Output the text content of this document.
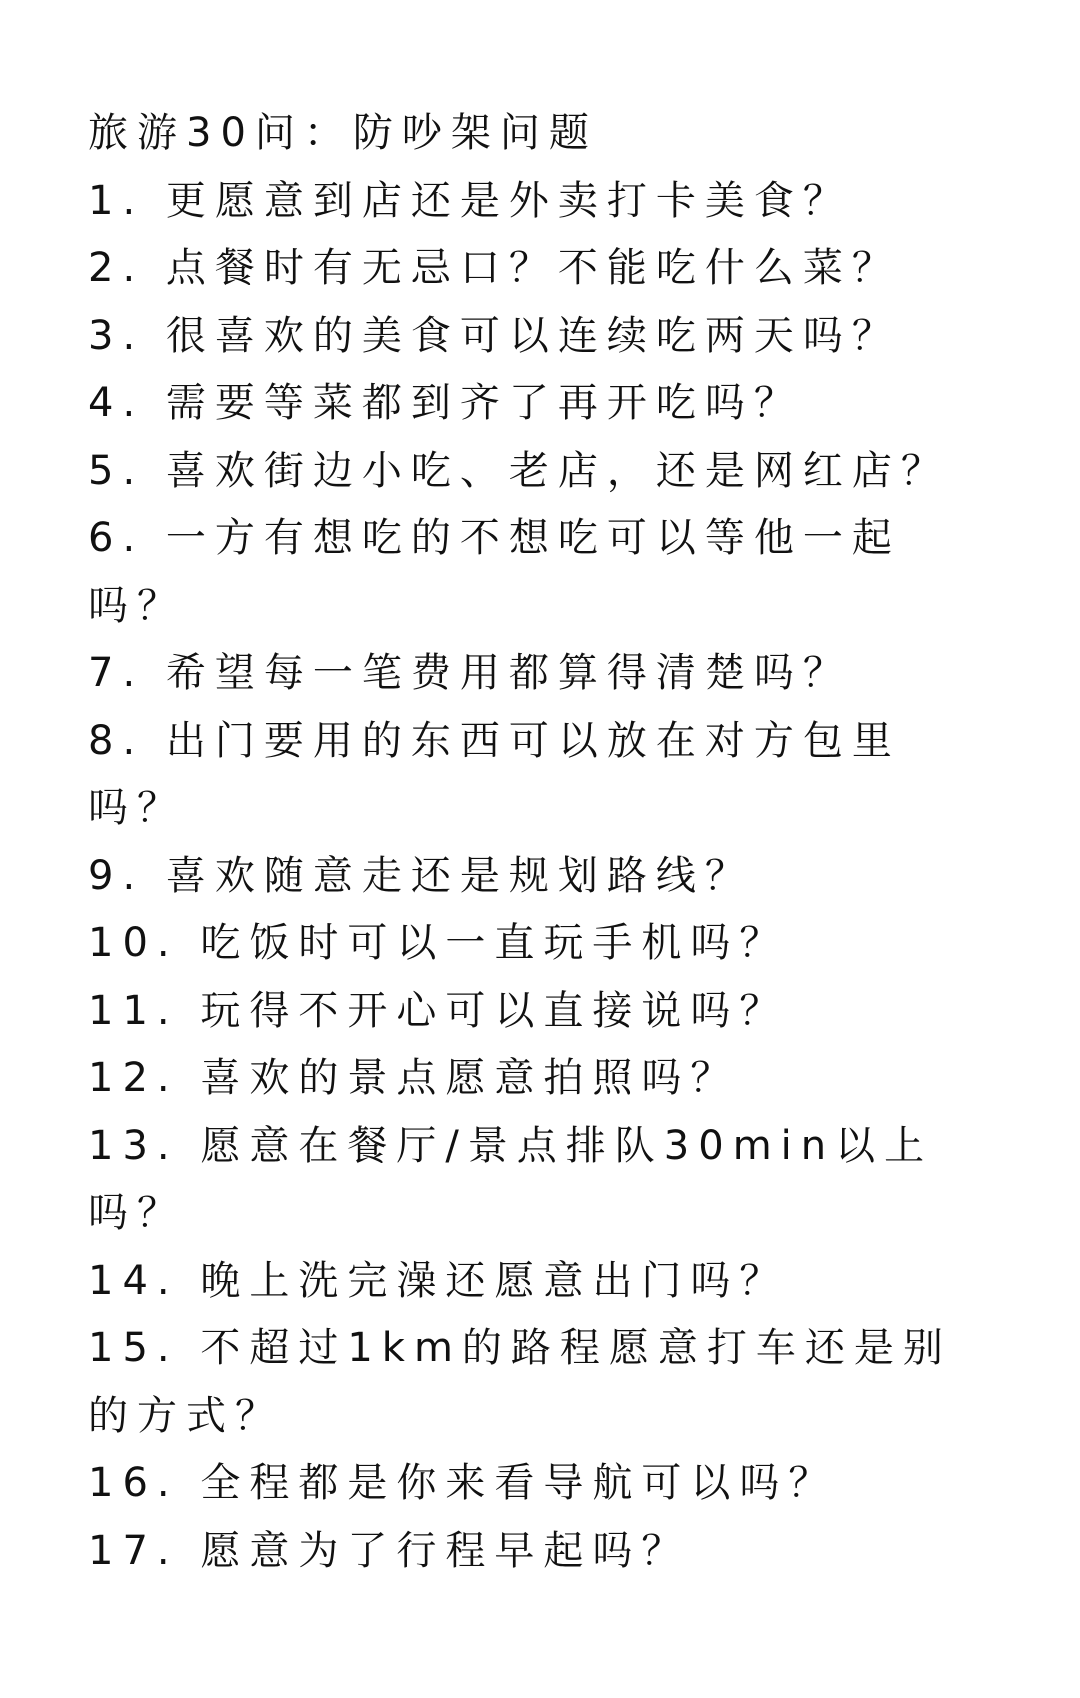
旅游30问：防吵架问题
1. 更愿意到店还是外卖打卡美食？
2. 点餐时有无忌口？不能吃什么菜？
3. 很喜欢的美食可以连续吃两天吗？
4. 需要等菜都到齐了再开吃吗？
5. 喜欢街边小吃、老店，还是网红店？
6. 一方有想吃的不想吃可以等他一起吗？
7. 希望每一笔费用都算得清楚吗？
8. 出门要用的东西可以放在对方包里吗？
9. 喜欢随意走还是规划路线？
10. 吃饭时可以一直玩手机吗？
11. 玩得不开心可以直接说吗？
12. 喜欢的景点愿意拍照吗？
13. 愿意在餐厅/景点排队30min以上吗？
14. 晚上洗完澡还愿意出门吗？
15. 不超过1km的路程愿意打车还是别的方式？
16. 全程都是你来看导航可以吗？
17. 愿意为了行程早起吗？
